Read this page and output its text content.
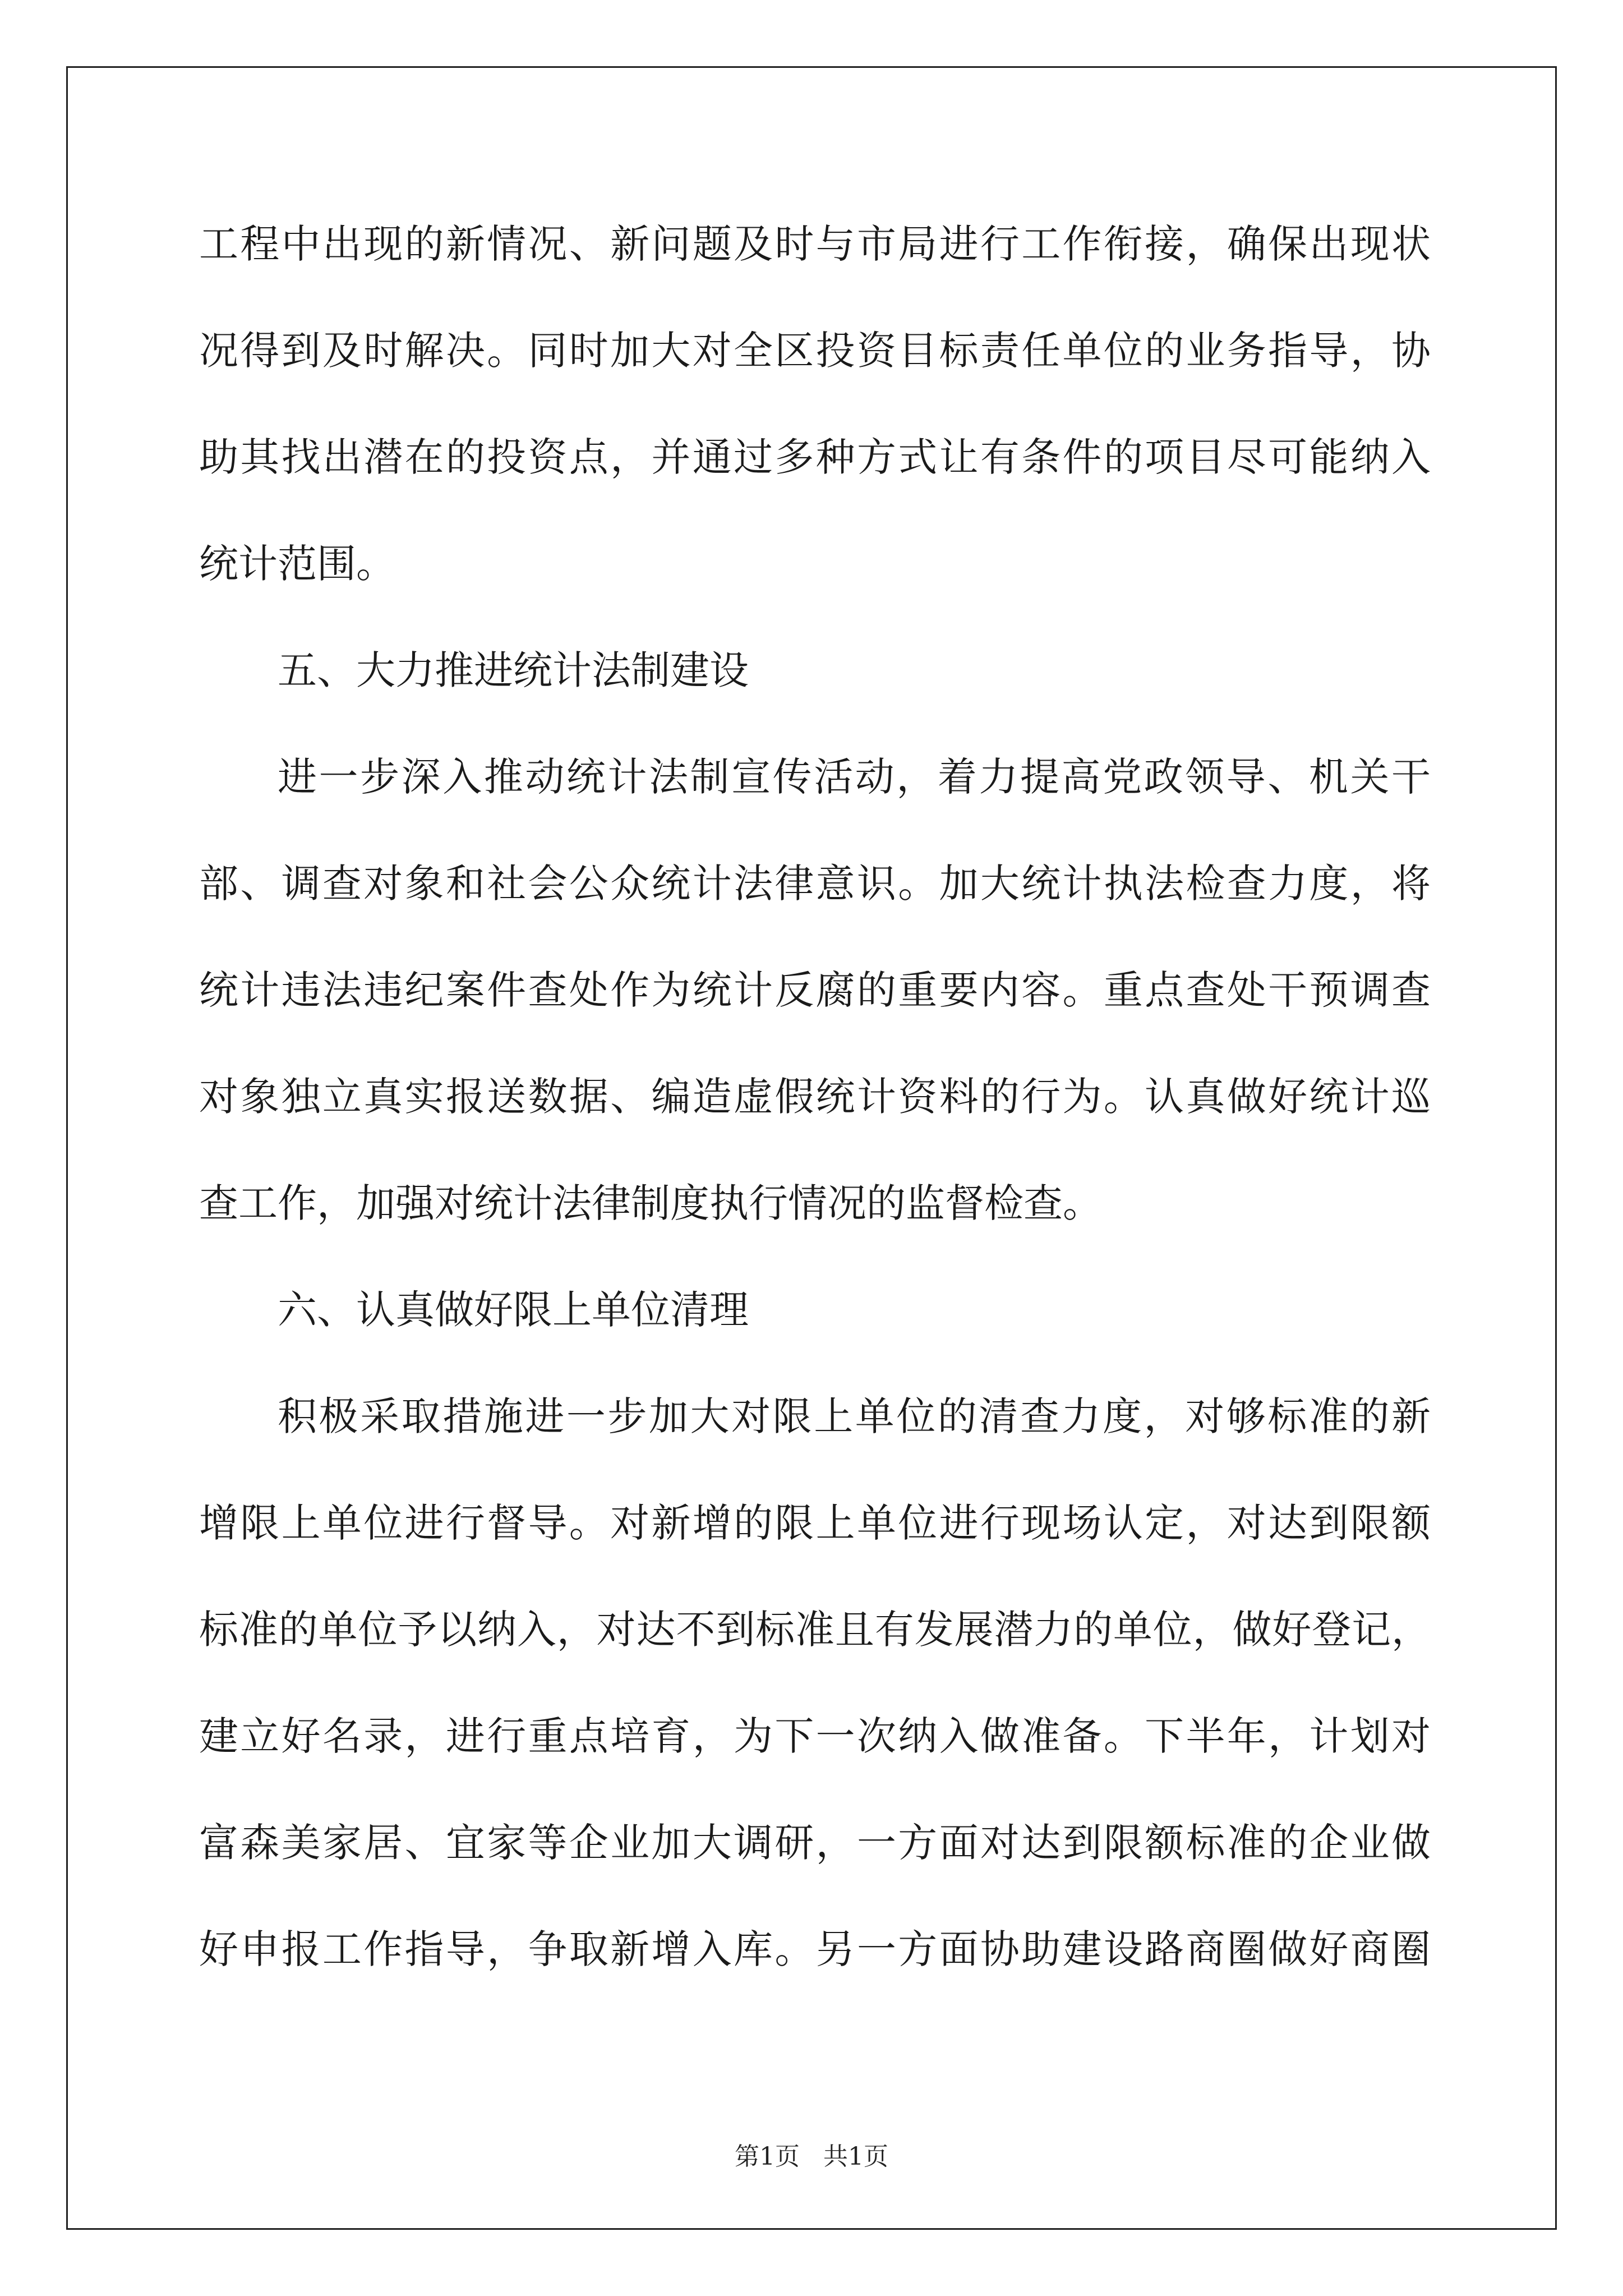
工程中出现的新情况、新问题及时与市局进行工作衔接，确保出现状
况得到及时解决。同时加大对全区投资目标责任单位的业务指导，协
助其找出潜在的投资点，并通过多种方式让有条件的项目尽可能纳入
统计范围。
五、大力推进统计法制建设
进一步深入推动统计法制宣传活动，着力提高党政领导、机关干
部、调查对象和社会公众统计法律意识。加大统计执法检查力度，将
统计违法违纪案件查处作为统计反腐的重要内容。重点查处干预调查
对象独立真实报送数据、编造虚假统计资料的行为。认真做好统计巡
查工作，加强对统计法律制度执行情况的监督检查。
六、认真做好限上单位清理
积极采取措施进一步加大对限上单位的清查力度，对够标准的新
增限上单位进行督导。对新增的限上单位进行现场认定，对达到限额
标准的单位予以纳入，对达不到标准且有发展潜力的单位，做好登记，
建立好名录，进行重点培育，为下一次纳入做准备。下半年，计划对
富森美家居、宜家等企业加大调研，一方面对达到限额标准的企业做
好申报工作指导，争取新增入库。另一方面协助建设路商圈做好商圈
第1页 共1页
